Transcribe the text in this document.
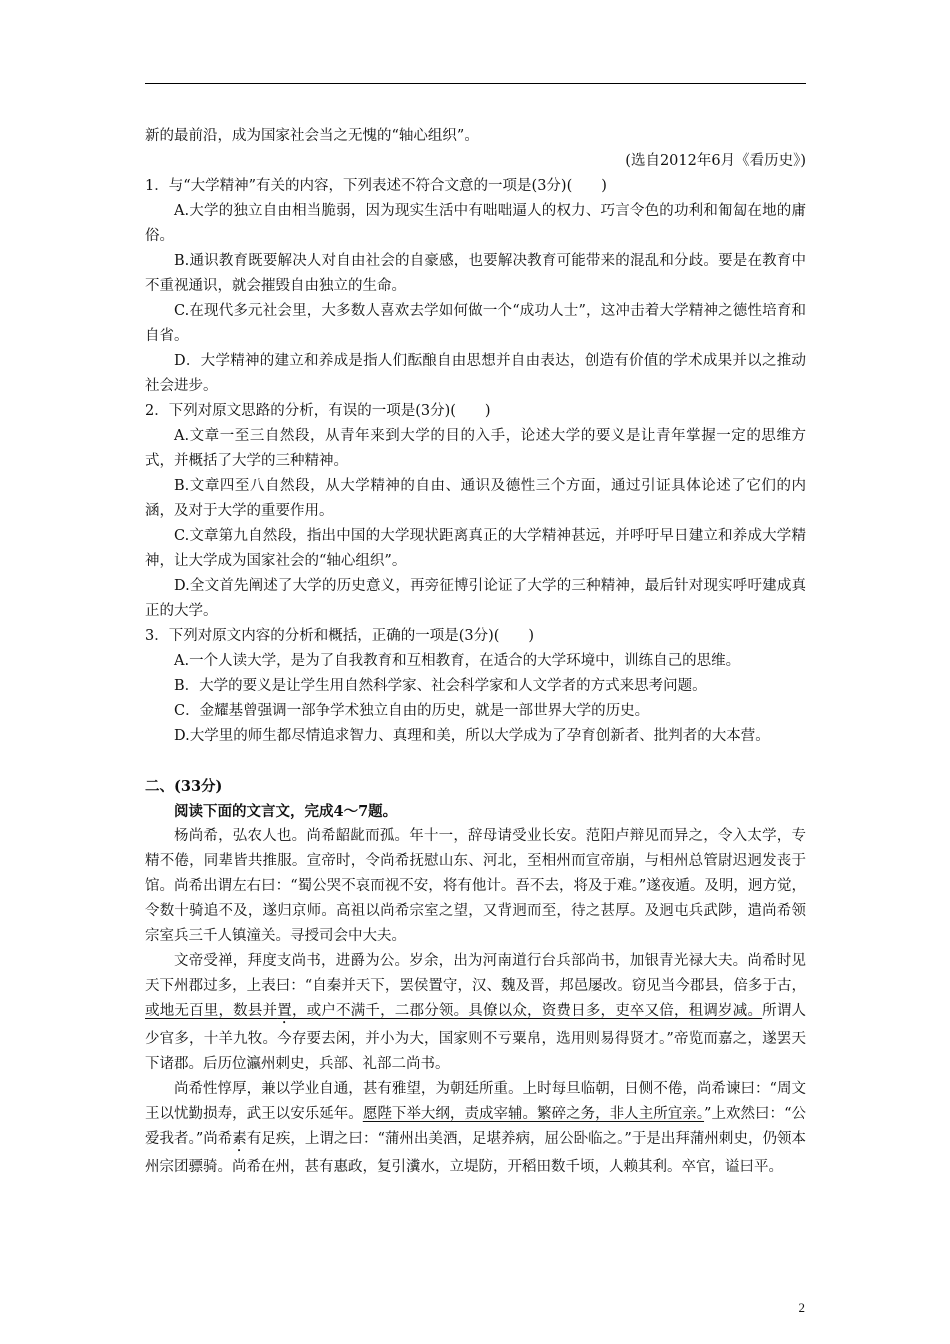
新的最前沿，成为国家社会当之无愧的“轴心组织”。

(选自2012年6月《看历史》)

1．与“大学精神”有关的内容，下列表述不符合文意的一项是(3分)(　　)

A.大学的独立自由相当脆弱，因为现实生活中有咄咄逼人的权力、巧言令色的功利和匍匐在地的庸俗。

B.通识教育既要解决人对自由社会的自豪感，也要解决教育可能带来的混乱和分歧。要是在教育中不重视通识，就会摧毁自由独立的生命。

C.在现代多元社会里，大多数人喜欢去学如何做一个“成功人士”，这冲击着大学精神之德性培育和自省。

D．大学精神的建立和养成是指人们酝酿自由思想并自由表达，创造有价值的学术成果并以之推动社会进步。

2．下列对原文思路的分析，有误的一项是(3分)(　　)

A.文章一至三自然段，从青年来到大学的目的入手，论述大学的要义是让青年掌握一定的思维方式，并概括了大学的三种精神。

B.文章四至八自然段，从大学精神的自由、通识及德性三个方面，通过引证具体论述了它们的内涵，及对于大学的重要作用。

C.文章第九自然段，指出中国的大学现状距离真正的大学精神甚远，并呼吁早日建立和养成大学精神，让大学成为国家社会的“轴心组织”。

D.全文首先阐述了大学的历史意义，再旁征博引论证了大学的三种精神，最后针对现实呼吁建成真正的大学。

3．下列对原文内容的分析和概括，正确的一项是(3分)(　　)

A.一个人读大学，是为了自我教育和互相教育，在适合的大学环境中，训练自己的思维。

B．大学的要义是让学生用自然科学家、社会科学家和人文学者的方式来思考问题。

C．金耀基曾强调一部争学术独立自由的历史，就是一部世界大学的历史。

D.大学里的师生都尽情追求智力、真理和美，所以大学成为了孕育创新者、批判者的大本营。

二、(33分)

阅读下面的文言文，完成4～7题。

杨尚希，弘农人也。尚希龆龀而孤。年十一，辞母请受业长安。范阳卢辩见而异之，令入太学，专精不倦，同辈皆共推服。宣帝时，令尚希抚慰山东、河北，至相州而宣帝崩，与相州总管尉迟迥发丧于馆。尚希出谓左右曰：“蜀公哭不哀而视不安，将有他计。吾不去，将及于难。”遂夜遁。及明，迥方觉，令数十骑追不及，遂归京师。高祖以尚希宗室之望，又背迥而至，待之甚厚。及迥屯兵武陟，遣尚希领宗室兵三千人镇潼关。寻授司会中大夫。

文帝受禅，拜度支尚书，进爵为公。岁余，出为河南道行台兵部尚书，加银青光禄大夫。尚希时见天下州郡过多，上表曰：“自秦并天下，罢侯置守，汉、魏及晋，邦邑屡改。窃见当今郡县，倍多于古，或地无百里，数县并置，或户不满千，二郡分领。具僚以众，资费日多，吏卒又倍，租调岁减。所谓人少官多，十羊九牧。今存要去闲，并小为大，国家则不亏粟帛，选用则易得贤才。”帝览而嘉之，遂罢天下诸郡。后历位瀛州刺史，兵部、礼部二尚书。

尚希性惇厚，兼以学业自通，甚有雅望，为朝廷所重。上时每旦临朝，日侧不倦，尚希谏曰：“周文王以忧勤损寿，武王以安乐延年。愿陛下举大纲，责成宰辅。繁碎之务，非人主所宜亲。”上欢然曰：“公爱我者。”尚希素有足疾，上谓之曰：“蒲州出美酒，足堪养病，屈公卧临之。”于是出拜蒲州刺史，仍领本州宗团骠骑。尚希在州，甚有惠政，复引瀵水，立堤防，开稻田数千顷，人赖其利。卒官，谥曰平。

2
